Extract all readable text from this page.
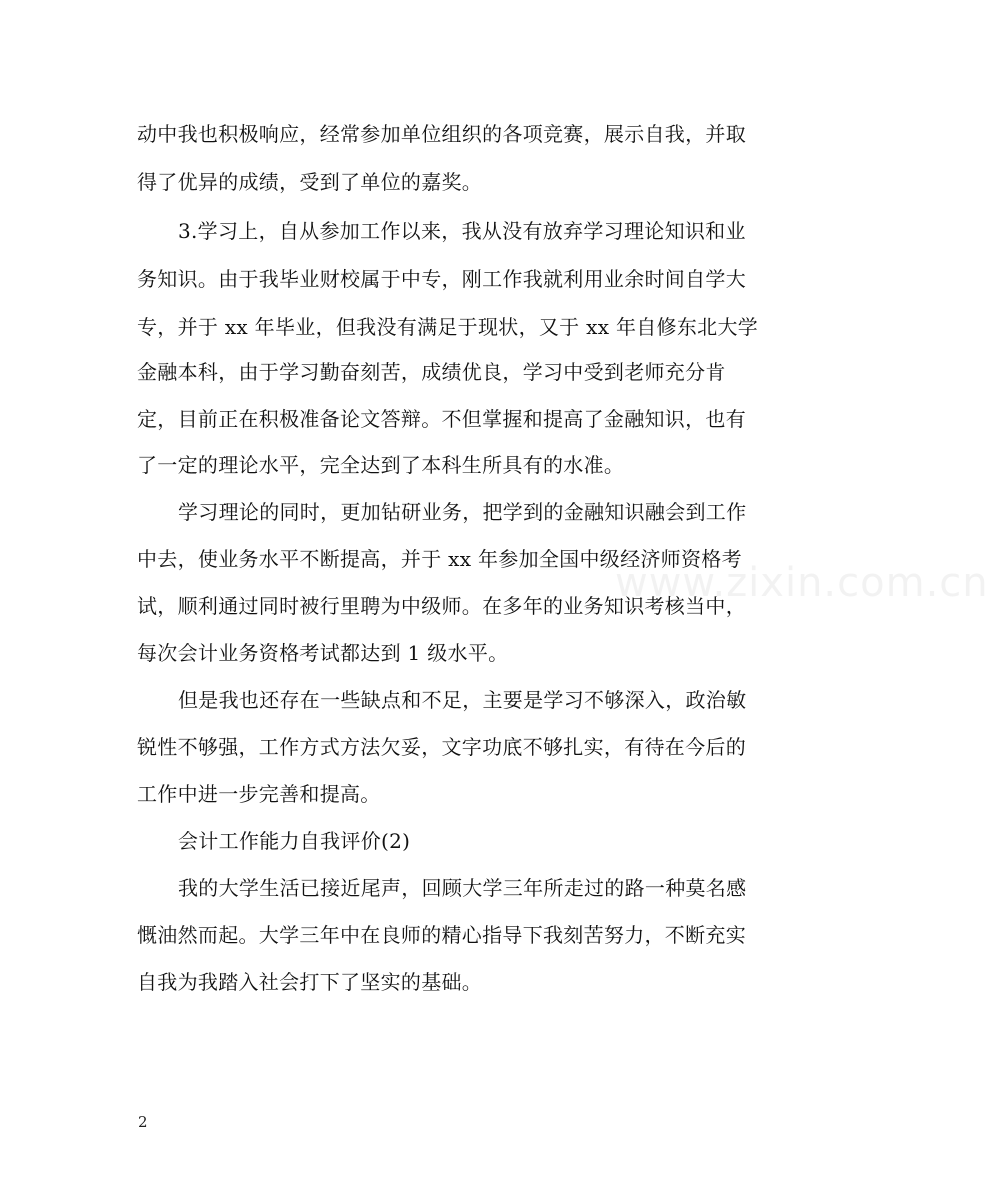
动中我也积极响应，经常参加单位组织的各项竞赛，展示自我，并取
得了优异的成绩，受到了单位的嘉奖。
3.学习上，自从参加工作以来，我从没有放弃学习理论知识和业
务知识。由于我毕业财校属于中专，刚工作我就利用业余时间自学大
专，并于 xx 年毕业，但我没有满足于现状，又于 xx 年自修东北大学
金融本科，由于学习勤奋刻苦，成绩优良，学习中受到老师充分肯
定，目前正在积极准备论文答辩。不但掌握和提高了金融知识，也有
了一定的理论水平，完全达到了本科生所具有的水准。
学习理论的同时，更加钻研业务，把学到的金融知识融会到工作
中去，使业务水平不断提高，并于 xx 年参加全国中级经济师资格考
试，顺利通过同时被行里聘为中级师。在多年的业务知识考核当中，
每次会计业务资格考试都达到 1 级水平。
但是我也还存在一些缺点和不足，主要是学习不够深入，政治敏
锐性不够强，工作方式方法欠妥，文字功底不够扎实，有待在今后的
工作中进一步完善和提高。
会计工作能力自我评价(2)
我的大学生活已接近尾声，回顾大学三年所走过的路一种莫名感
慨油然而起。大学三年中在良师的精心指导下我刻苦努力，不断充实
自我为我踏入社会打下了坚实的基础。
www.zixin.com.cn
2
